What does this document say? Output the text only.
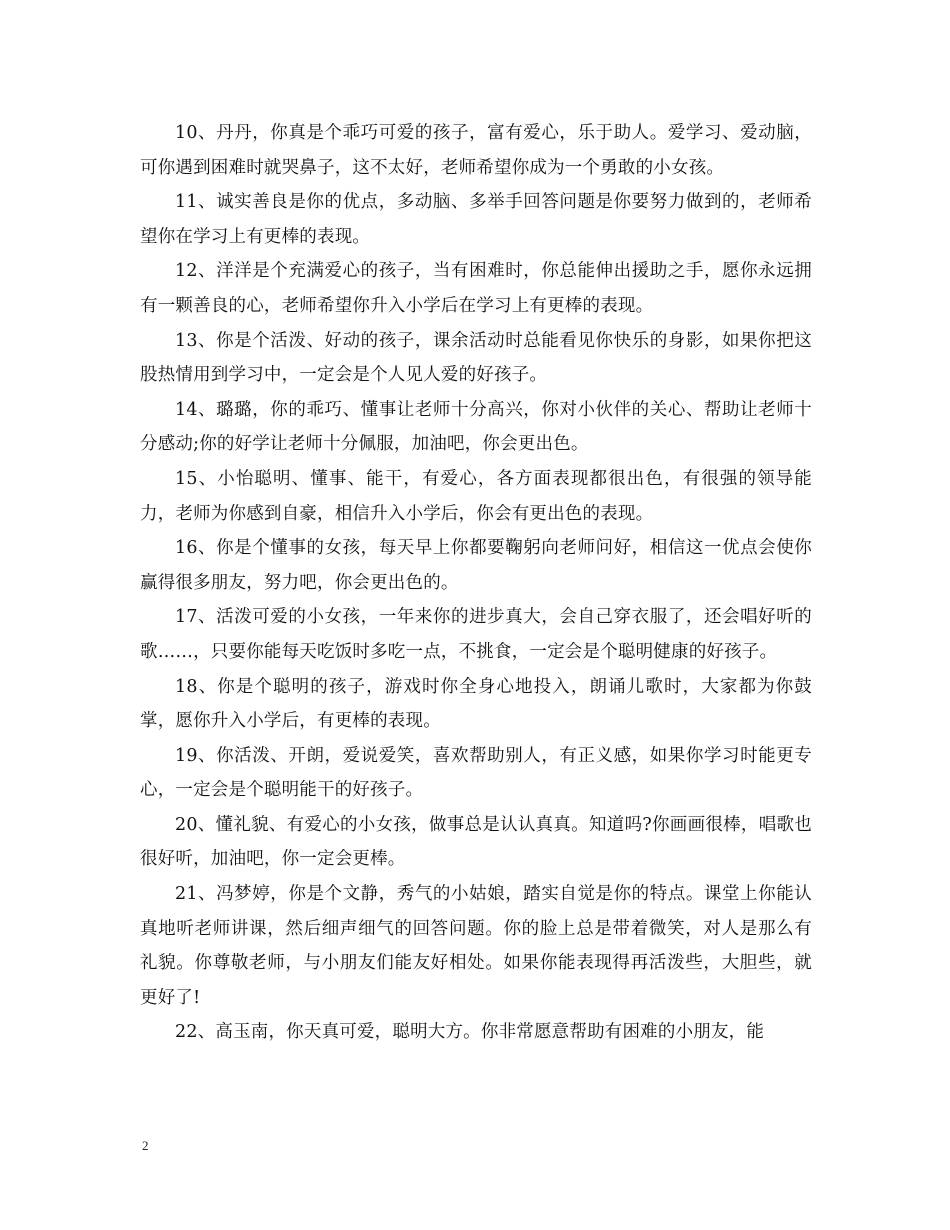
10、丹丹，你真是个乖巧可爱的孩子，富有爱心，乐于助人。爱学习、爱动脑，可你遇到困难时就哭鼻子，这不太好，老师希望你成为一个勇敢的小女孩。

11、诚实善良是你的优点，多动脑、多举手回答问题是你要努力做到的，老师希望你在学习上有更棒的表现。

12、洋洋是个充满爱心的孩子，当有困难时，你总能伸出援助之手，愿你永远拥有一颗善良的心，老师希望你升入小学后在学习上有更棒的表现。

13、你是个活泼、好动的孩子，课余活动时总能看见你快乐的身影，如果你把这股热情用到学习中，一定会是个人见人爱的好孩子。

14、璐璐，你的乖巧、懂事让老师十分高兴，你对小伙伴的关心、帮助让老师十分感动;你的好学让老师十分佩服，加油吧，你会更出色。

15、小怡聪明、懂事、能干，有爱心，各方面表现都很出色，有很强的领导能力，老师为你感到自豪，相信升入小学后，你会有更出色的表现。

16、你是个懂事的女孩，每天早上你都要鞠躬向老师问好，相信这一优点会使你赢得很多朋友，努力吧，你会更出色的。

17、活泼可爱的小女孩，一年来你的进步真大，会自己穿衣服了，还会唱好听的歌……，只要你能每天吃饭时多吃一点，不挑食，一定会是个聪明健康的好孩子。

18、你是个聪明的孩子，游戏时你全身心地投入，朗诵儿歌时，大家都为你鼓掌，愿你升入小学后，有更棒的表现。

19、你活泼、开朗，爱说爱笑，喜欢帮助别人，有正义感，如果你学习时能更专心，一定会是个聪明能干的好孩子。

20、懂礼貌、有爱心的小女孩，做事总是认认真真。知道吗?你画画很棒，唱歌也很好听，加油吧，你一定会更棒。

21、冯梦婷，你是个文静，秀气的小姑娘，踏实自觉是你的特点。课堂上你能认真地听老师讲课，然后细声细气的回答问题。你的脸上总是带着微笑，对人是那么有礼貌。你尊敬老师，与小朋友们能友好相处。如果你能表现得再活泼些，大胆些，就更好了!

22、高玉南，你天真可爱，聪明大方。你非常愿意帮助有困难的小朋友，能

2
